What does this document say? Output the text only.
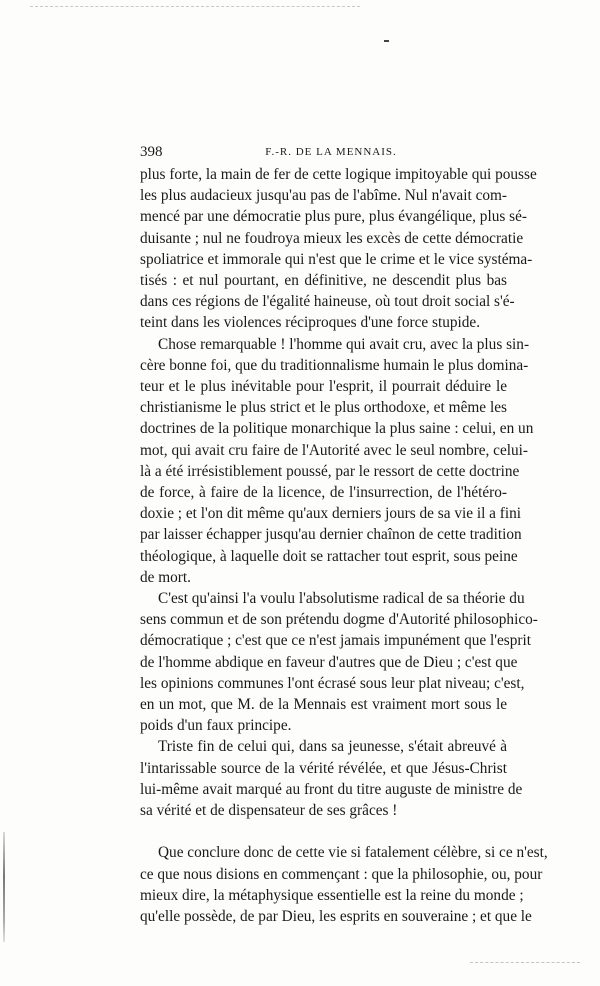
398	F.-R. DE LA MENNAIS.
plus forte, la main de fer de cette logique impitoyable qui pousse
les plus audacieux jusqu'au pas de l'abîme. Nul n'avait com-
mencé par une démocratie plus pure, plus évangélique, plus sé-
duisante ; nul ne foudroya mieux les excès de cette démocratie
spoliatrice et immorale qui n'est que le crime et le vice systéma-
tisés : et nul pourtant, en définitive, ne descendit plus bas
dans ces régions de l'égalité haineuse, où tout droit social s'é-
teint dans les violences réciproques d'une force stupide.
Chose remarquable ! l'homme qui avait cru, avec la plus sin-
cère bonne foi, que du traditionnalisme humain le plus domina-
teur et le plus inévitable pour l'esprit, il pourrait déduire le
christianisme le plus strict et le plus orthodoxe, et même les
doctrines de la politique monarchique la plus saine : celui, en un
mot, qui avait cru faire de l'Autorité avec le seul nombre, celui-
là a été irrésistiblement poussé, par le ressort de cette doctrine
de force, à faire de la licence, de l'insurrection, de l'hétéro-
doxie ; et l'on dit même qu'aux derniers jours de sa vie il a fini
par laisser échapper jusqu'au dernier chaînon de cette tradition
théologique, à laquelle doit se rattacher tout esprit, sous peine
de mort.
C'est qu'ainsi l'a voulu l'absolutisme radical de sa théorie du
sens commun et de son prétendu dogme d'Autorité philosophico-
démocratique ; c'est que ce n'est jamais impunément que l'esprit
de l'homme abdique en faveur d'autres que de Dieu ; c'est que
les opinions communes l'ont écrasé sous leur plat niveau; c'est,
en un mot, que M. de la Mennais est vraiment mort sous le
poids d'un faux principe.
Triste fin de celui qui, dans sa jeunesse, s'était abreuvé à
l'intarissable source de la vérité révélée, et que Jésus-Christ
lui-même avait marqué au front du titre auguste de ministre de
sa vérité et de dispensateur de ses grâces !
Que conclure donc de cette vie si fatalement célèbre, si ce n'est,
ce que nous disions en commençant : que la philosophie, ou, pour
mieux dire, la métaphysique essentielle est la reine du monde ;
qu'elle possède, de par Dieu, les esprits en souveraine ; et que le
